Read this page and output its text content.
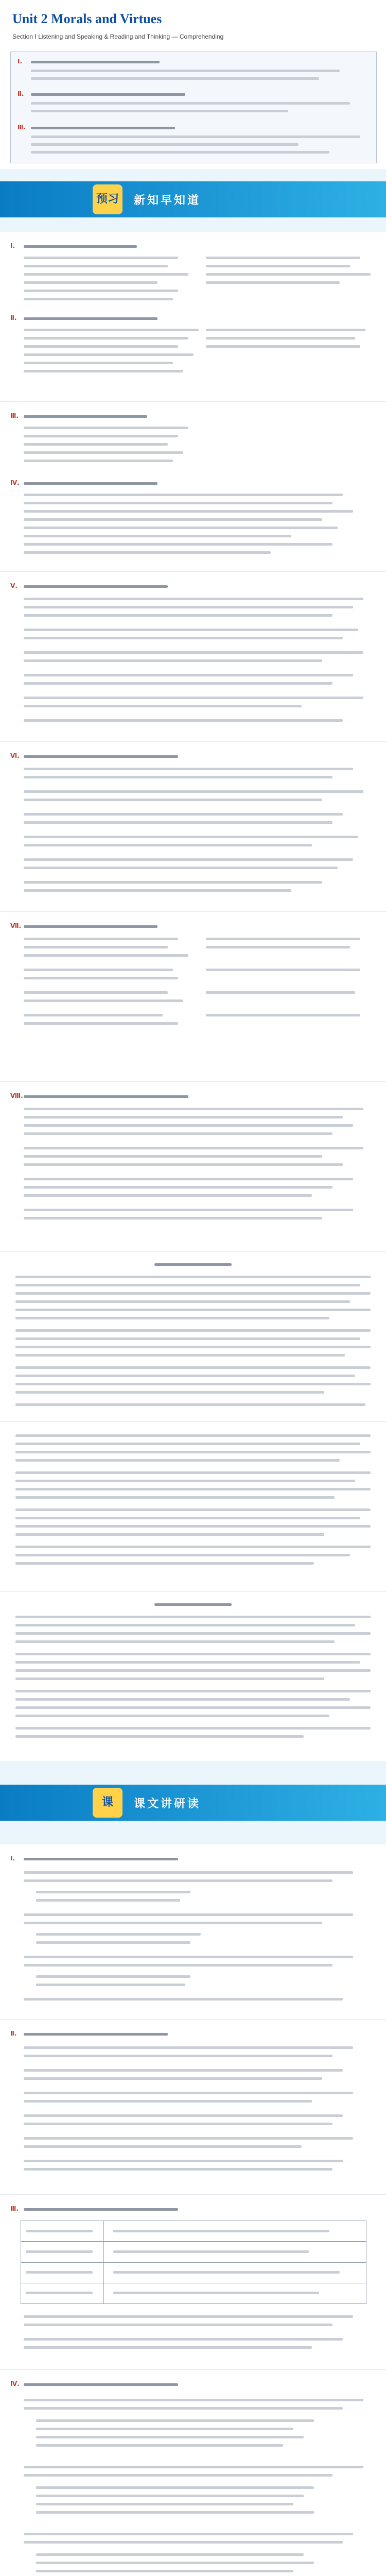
Unit 2 Morals and Virtues
Section Ⅰ Listening and Speaking & Reading and Thinking — Comprehending
Ⅰ.
Ⅱ.
Ⅲ.
预习	新知早知道
Ⅰ.
Ⅱ.
Ⅲ.
Ⅳ.
Ⅴ.
Ⅵ.
Ⅶ.
Ⅷ.
课	课文讲研读
Ⅰ.
Ⅱ.
Ⅲ.
Ⅳ.
